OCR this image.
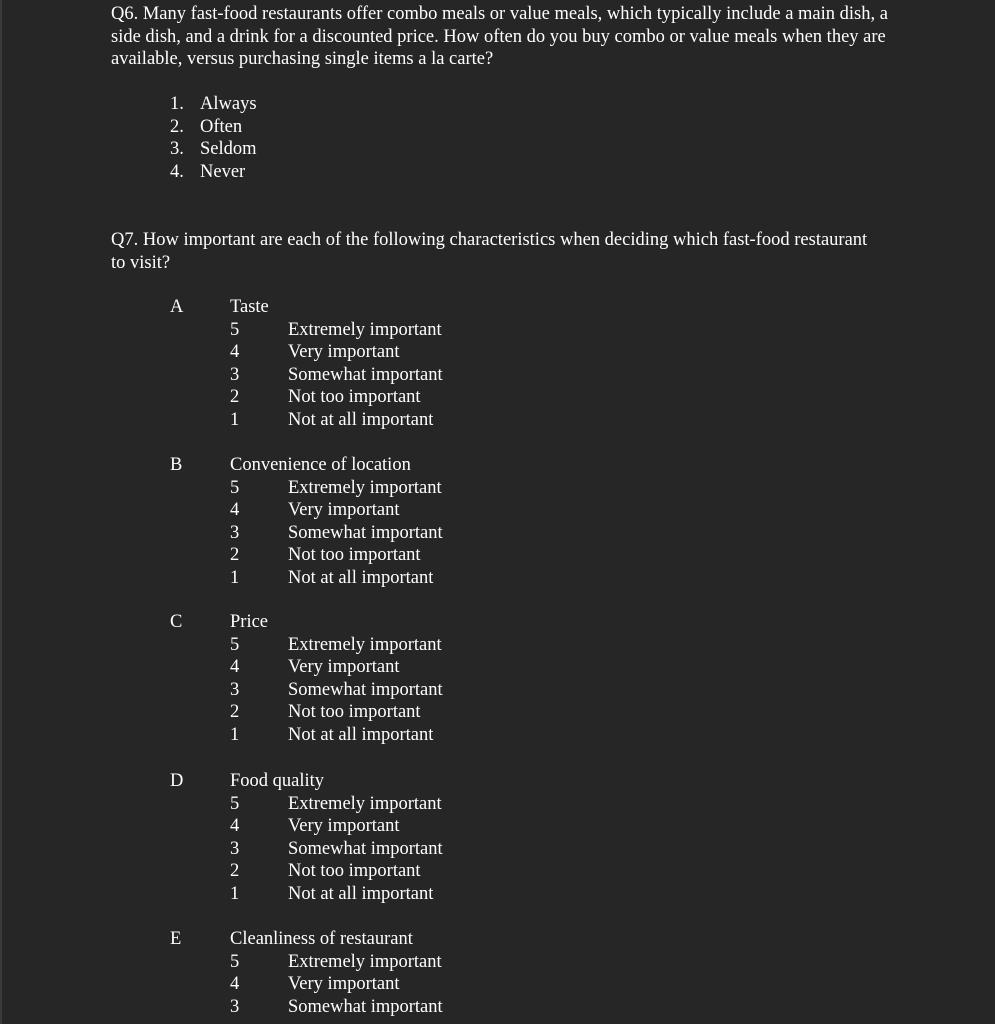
Q6. Many fast-food restaurants offer combo meals or value meals, which typically include a main dish, a side dish, and a drink for a discounted price. How often do you buy combo or value meals when they are available, versus purchasing single items a la carte?
1. Always
2. Often
3. Seldom
4. Never
Q7. How important are each of the following characteristics when deciding which fast-food restaurant to visit?
A	Taste
5	Extremely important
4	Very important
3	Somewhat important
2	Not too important
1	Not at all important
B	Convenience of location
5	Extremely important
4	Very important
3	Somewhat important
2	Not too important
1	Not at all important
C	Price
5	Extremely important
4	Very important
3	Somewhat important
2	Not too important
1	Not at all important
D	Food quality
5	Extremely important
4	Very important
3	Somewhat important
2	Not too important
1	Not at all important
E	Cleanliness of restaurant
5	Extremely important
4	Very important
3	Somewhat important
